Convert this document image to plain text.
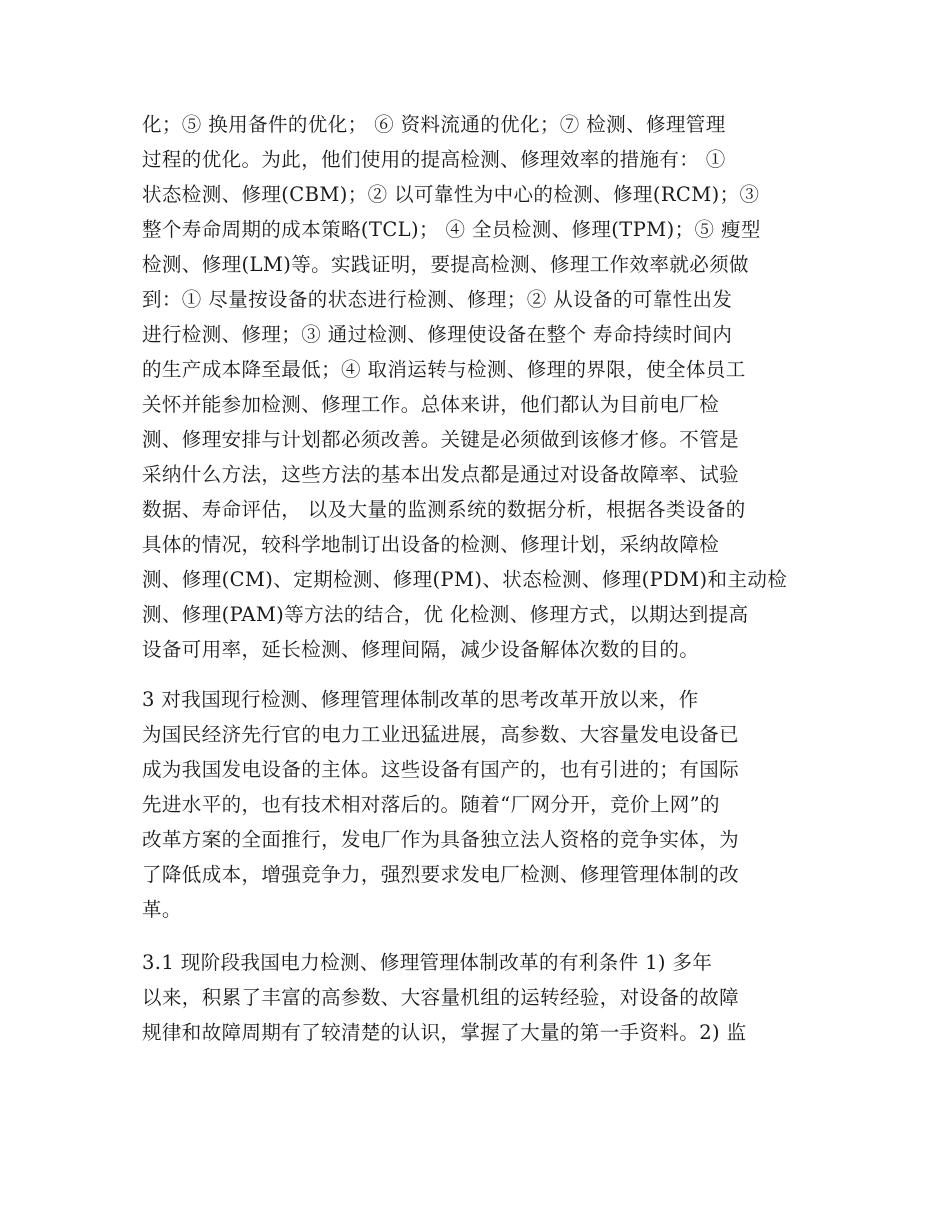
化；⑤ 换用备件的优化； ⑥ 资料流通的优化；⑦ 检测、修理管理
过程的优化。为此，他们使用的提高检测、修理效率的措施有： ①
状态检测、修理(CBM)；② 以可靠性为中心的检测、修理(RCM)；③
整个寿命周期的成本策略(TCL)； ④ 全员检测、修理(TPM)；⑤ 瘦型
检测、修理(LM)等。实践证明，要提高检测、修理工作效率就必须做
到：① 尽量按设备的状态进行检测、修理；② 从设备的可靠性出发
进行检测、修理；③ 通过检测、修理使设备在整个 寿命持续时间内
的生产成本降至最低；④ 取消运转与检测、修理的界限，使全体员工
关怀并能参加检测、修理工作。总体来讲，他们都认为目前电厂检
测、修理安排与计划都必须改善。关键是必须做到该修才修。不管是
采纳什么方法，这些方法的基本出发点都是通过对设备故障率、试验
数据、寿命评估， 以及大量的监测系统的数据分析，根据各类设备的
具体的情况，较科学地制订出设备的检测、修理计划，采纳故障检
测、修理(CM)、定期检测、修理(PM)、状态检测、修理(PDM)和主动检
测、修理(PAM)等方法的结合，优 化检测、修理方式，以期达到提高
设备可用率，延长检测、修理间隔，减少设备解体次数的目的。
3 对我国现行检测、修理管理体制改革的思考改革开放以来，作
为国民经济先行官的电力工业迅猛进展，高参数、大容量发电设备已
成为我国发电设备的主体。这些设备有国产的，也有引进的；有国际
先进水平的，也有技术相对落后的。随着“厂网分开，竞价上网”的
改革方案的全面推行，发电厂作为具备独立法人资格的竞争实体，为
了降低成本，增强竞争力，强烈要求发电厂检测、修理管理体制的改
革。
3.1 现阶段我国电力检测、修理管理体制改革的有利条件 1) 多年
以来，积累了丰富的高参数、大容量机组的运转经验，对设备的故障
规律和故障周期有了较清楚的认识，掌握了大量的第一手资料。2) 监
